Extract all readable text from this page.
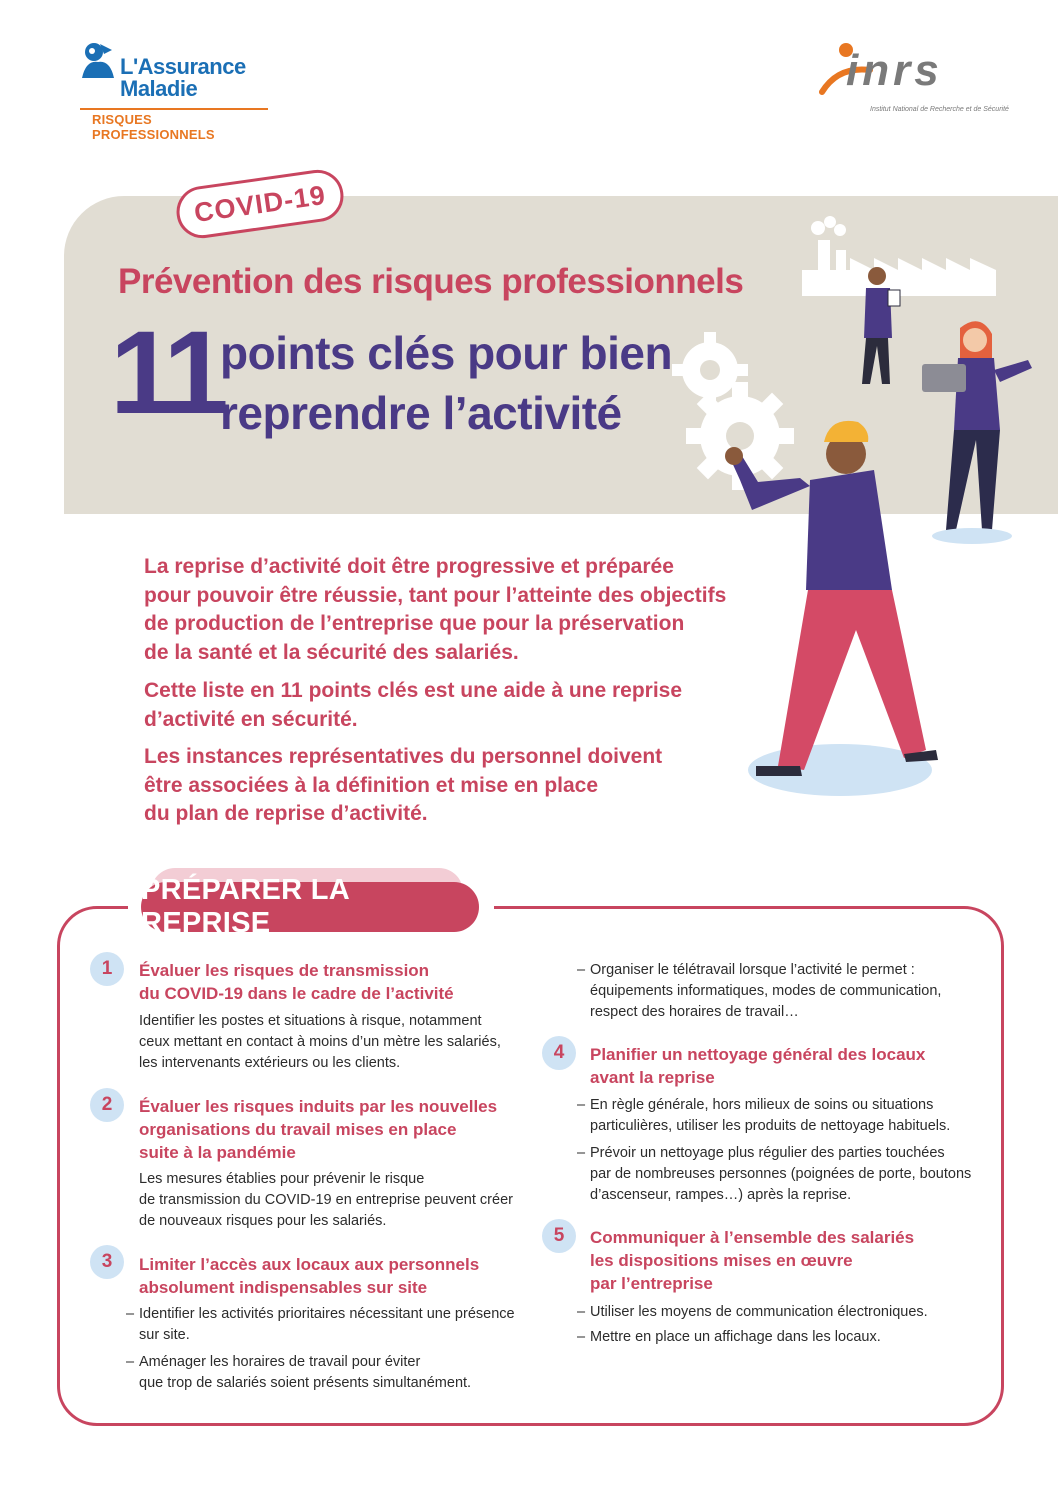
L'Assurance
Maladie
RISQUES PROFESSIONNELS
inrs
Institut National de Recherche et de Sécurité
COVID-19
Prévention des risques professionnels
11
points clés pour bien
reprendre l’activité
La reprise d’activité doit être progressive et préparée
pour pouvoir être réussie, tant pour l’atteinte des objectifs
de production de l’entreprise que pour la préservation
de la santé et la sécurité des salariés.
Cette liste en 11 points clés est une aide à une reprise
d’activité en sécurité.
Les instances représentatives du personnel doivent
être associées à la définition et mise en place
du plan de reprise d’activité.
PRÉPARER LA REPRISE
1	Évaluer les risques de transmission
du COVID-19 dans le cadre de l’activité
Identifier les postes et situations à risque, notamment
ceux mettant en contact à moins d’un mètre les salariés,
les intervenants extérieurs ou les clients.
2	Évaluer les risques induits par les nouvelles
organisations du travail mises en place
suite à la pandémie
Les mesures établies pour prévenir le risque
de transmission du COVID-19 en entreprise peuvent créer
de nouveaux risques pour les salariés.
3	Limiter l’accès aux locaux aux personnels
absolument indispensables sur site
– Identifier les activités prioritaires nécessitant une présence
sur site.
– Aménager les horaires de travail pour éviter
que trop de salariés soient présents simultanément.
– Organiser le télétravail lorsque l’activité le permet :
équipements informatiques, modes de communication,
respect des horaires de travail…
4	Planifier un nettoyage général des locaux
avant la reprise
– En règle générale, hors milieux de soins ou situations
particulières, utiliser les produits de nettoyage habituels.
– Prévoir un nettoyage plus régulier des parties touchées
par de nombreuses personnes (poignées de porte, boutons
d’ascenseur, rampes…) après la reprise.
5	Communiquer à l’ensemble des salariés
les dispositions mises en œuvre
par l’entreprise
– Utiliser les moyens de communication électroniques.
– Mettre en place un affichage dans les locaux.
